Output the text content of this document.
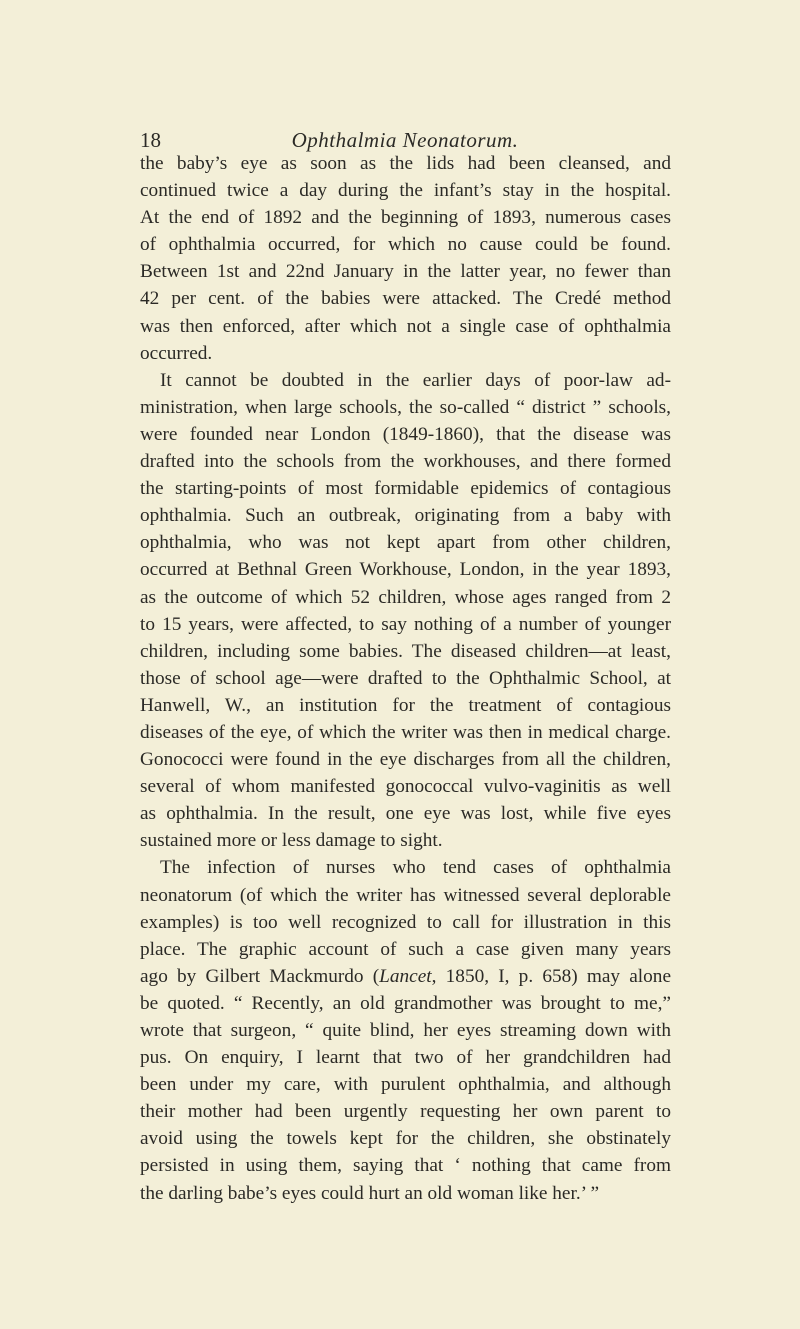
18	Ophthalmia Neonatorum.
the baby’s eye as soon as the lids had been cleansed, and
continued twice a day during the infant’s stay in the hospital.
At the end of 1892 and the beginning of 1893, numerous cases
of ophthalmia occurred, for which no cause could be found.
Between 1st and 22nd January in the latter year, no fewer than
42 per cent. of the babies were attacked. The Credé method
was then enforced, after which not a single case of ophthalmia
occurred.
It cannot be doubted in the earlier days of poor-law ad-
ministration, when large schools, the so-called “ district ” schools,
were founded near London (1849-1860), that the disease was
drafted into the schools from the workhouses, and there formed
the starting-points of most formidable epidemics of contagious
ophthalmia. Such an outbreak, originating from a baby with
ophthalmia, who was not kept apart from other children,
occurred at Bethnal Green Workhouse, London, in the year 1893,
as the outcome of which 52 children, whose ages ranged from 2
to 15 years, were affected, to say nothing of a number of younger
children, including some babies. The diseased children—at least,
those of school age—were drafted to the Ophthalmic School, at
Hanwell, W., an institution for the treatment of contagious
diseases of the eye, of which the writer was then in medical charge.
Gonococci were found in the eye discharges from all the children,
several of whom manifested gonococcal vulvo-vaginitis as well
as ophthalmia. In the result, one eye was lost, while five eyes
sustained more or less damage to sight.
The infection of nurses who tend cases of ophthalmia
neonatorum (of which the writer has witnessed several deplorable
examples) is too well recognized to call for illustration in this
place. The graphic account of such a case given many years
ago by Gilbert Mackmurdo (Lancet, 1850, I, p. 658) may alone
be quoted. “ Recently, an old grandmother was brought to me,”
wrote that surgeon, “ quite blind, her eyes streaming down with
pus. On enquiry, I learnt that two of her grandchildren had
been under my care, with purulent ophthalmia, and although
their mother had been urgently requesting her own parent to
avoid using the towels kept for the children, she obstinately
persisted in using them, saying that ‘ nothing that came from
the darling babe’s eyes could hurt an old woman like her.’ ”
